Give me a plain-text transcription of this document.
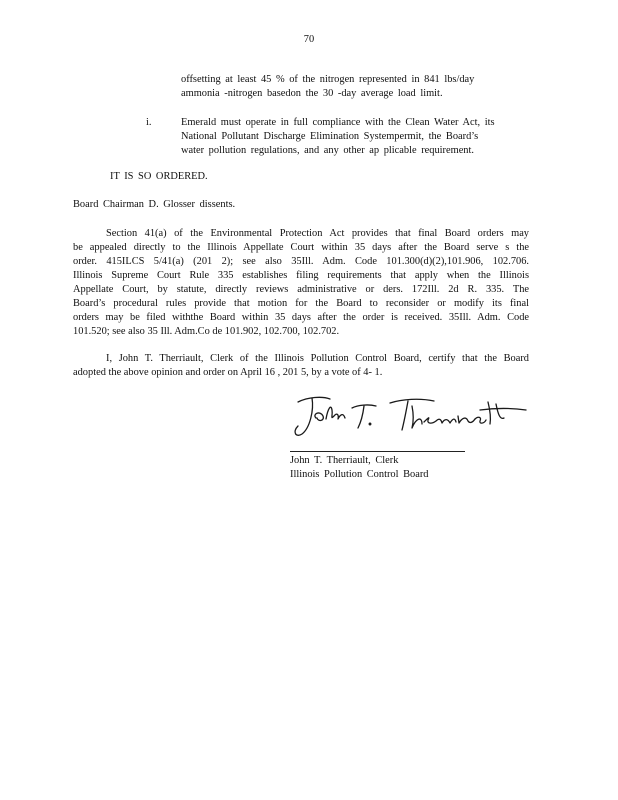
70
offsetting at least 45 % of the nitrogen represented in 841 lbs/day
ammonia -nitrogen basedon the 30 -day average load limit.
i.	Emerald must operate in full compliance with the Clean Water Act, its
National Pollutant Discharge Elimination Systempermit, the Board’s
water pollution regulations, and any other ap plicable requirement.
IT IS SO ORDERED.
Board Chairman D. Glosser dissents.
Section 41(a) of the Environmental Protection Act provides that final Board orders may
be appealed directly to the Illinois Appellate Court within 35 days after the Board serve s the
order. 415ILCS 5/41(a) (201 2); see also 35Ill. Adm. Code 101.300(d)(2),101.906, 102.706.
Illinois Supreme Court Rule 335 establishes filing requirements that apply when the Illinois
Appellate Court, by statute, directly reviews administrative or ders. 172Ill. 2d R. 335. The
Board’s procedural rules provide that motion for the Board to reconsider or modify its final
orders may be filed withthe Board within 35 days after the order is received. 35Ill. Adm. Code
101.520; see also 35 Ill. Adm.Co de 101.902, 102.700, 102.702.
I, John T. Therriault, Clerk of the Illinois Pollution Control Board, certify that the Board
adopted the above opinion and order on April 16 , 201 5, by a vote of 4- 1.
John T. Therriault, Clerk
Illinois Pollution Control Board
